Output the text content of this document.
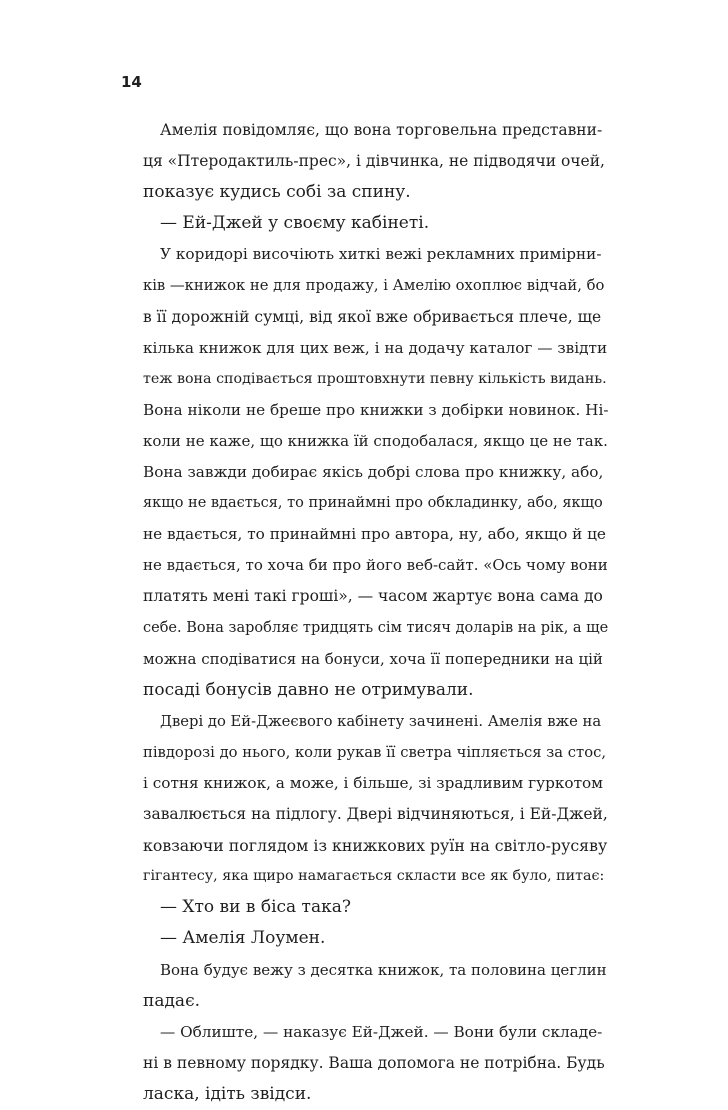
14
Амелія повідомляє, що вона торговельна представни-
ця «Птеродактиль-прес», і дівчинка, не підводячи очей,
показує кудись собі за спину.
— Ей-Джей у своєму кабінеті.
У коридорі височіють хиткі вежі рекламних примірни-
ків —книжок не для продажу, і Амелію охоплює відчай, бо
в її дорожній сумці, від якої вже обривається плече, ще
кілька книжок для цих веж, і на додачу каталог — звідти
теж вона сподівається проштовхнути певну кількість видань.
Вона ніколи не бреше про книжки з добірки новинок. Ні-
коли не каже, що книжка їй сподобалася, якщо це не так.
Вона завжди добирає якісь добрі слова про книжку, або,
якщо не вдається, то принаймні про обкладинку, або, якщо
не вдається, то принаймні про автора, ну, або, якщо й це
не вдається, то хоча би про його веб-сайт. «Ось чому вони
платять мені такі гроші», — часом жартує вона сама до
себе. Вона заробляє тридцять сім тисяч доларів на рік, а ще
можна сподіватися на бонуси, хоча її попередники на цій
посаді бонусів давно не отримували.
Двері до Ей-Джеєвого кабінету зачинені. Амелія вже на
півдорозі до нього, коли рукав її светра чіпляється за стос,
і сотня книжок, а може, і більше, зі зрадливим гуркотом
завалюється на підлогу. Двері відчиняються, і Ей-Джей,
ковзаючи поглядом із книжкових руїн на світло-русяву
гігантесу, яка щиро намагається скласти все як було, питає:
— Хто ви в біса така?
— Амелія Лоумен.
Вона будує вежу з десятка книжок, та половина цеглин
падає.
— Облиште, — наказує Ей-Джей. — Вони були складе-
ні в певному порядку. Ваша допомога не потрібна. Будь
ласка, ідіть звідси.
